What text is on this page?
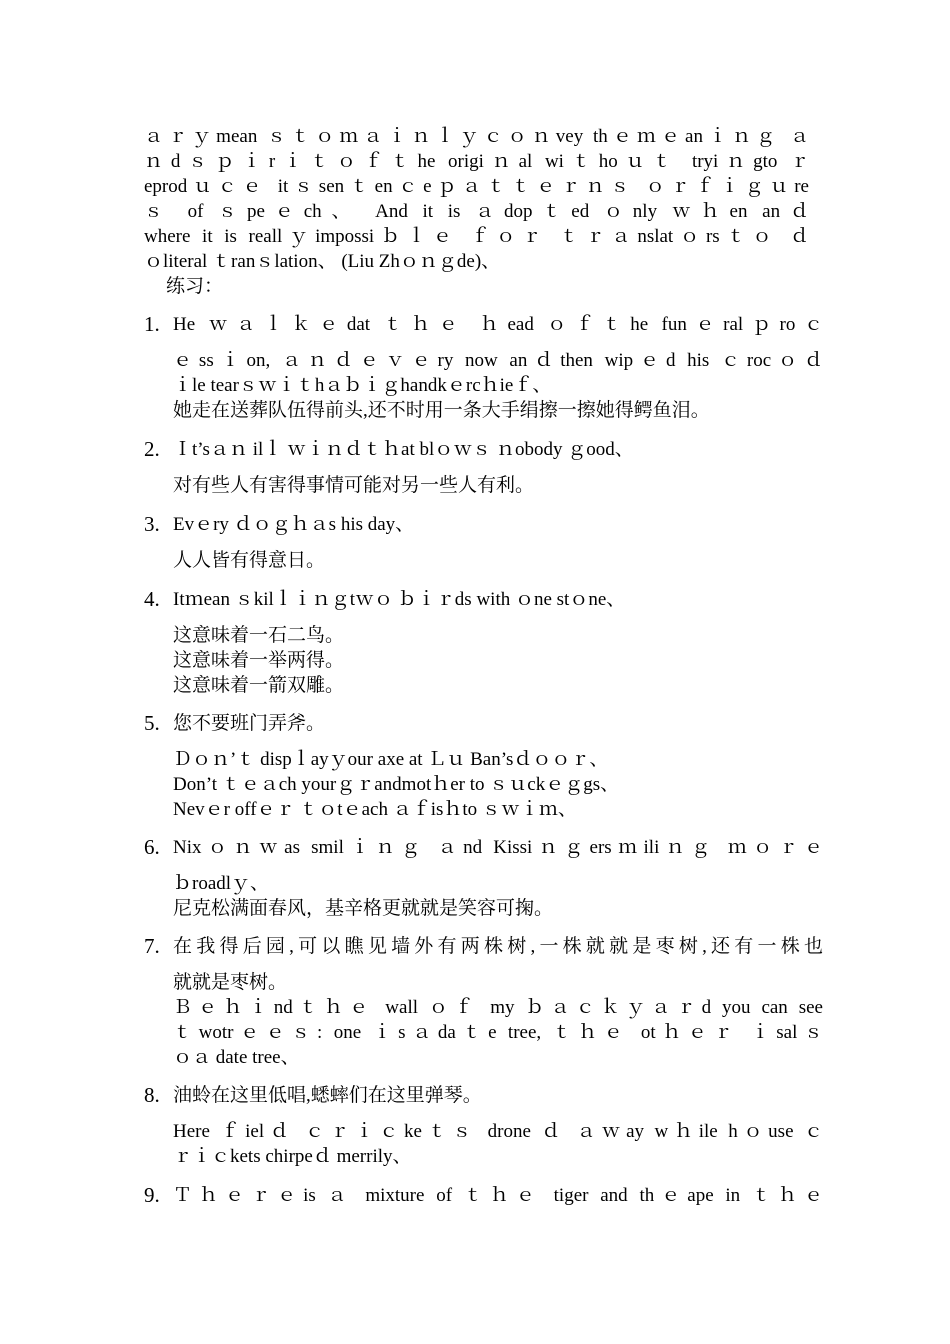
ａｒｙmean ｓｔｏｍａｉｎｌｙｃｏｎvey thｅｍｅanｉｎｇ ａ
ｎdｓｐｉrｉｔｏｆｔhe origiｎal wiｔhoｕｔ tryiｎgto ｒ
eprodｕｃｅ itｓsenｔenｃeｐａｔｔｅｒｎｓ ｏｒｆｉｇｕre
ｓ of ｓpeｅch、 And it is ａdopｔed ｏnly ｗｈen anｄ
where it is reallｙimpossiｂｌｅ ｆｏｒ ｔｒａnslatｏrsｔｏ ｄ
ｏliteral ｔranｓlation、 (Liu Zhｏｎｇde)、
练习：
1. He ｗａｌｋｅdat ｔｈｅ ｈead ｏｆｔhe funｅralｐroｃ
ｅssｉon, ａｎｄｅｖｅry now anｄthen wipｅd his ｃrocｏｄ
ｉle tearｓｗｉｔhａｂｉｇhandkｅrcｈieｆ、
她走在送葬队伍得前头,还不时用一条大手绢擦一擦她得鳄鱼泪。
2. Ｉt’sａｎ ilｌ ｗｉｎｄｔｈat blｏｗｓ ｎobody ｇood、
对有些人有害得事情可能对另一些人有利。
3. Evｅry ｄｏｇｈａs his day、
人人皆有得意日。
4. Itｍean ｓkilｌｉｎｇtｗｏ ｂｉｒds with ｏne stｏne、
这意味着一石二鸟。
这意味着一举两得。
这意味着一箭双雕。
5. 您不要班门弄斧。
Ｄｏｎ’ｔ dispｌayｙour axe at Ｌｕ Ban’sｄｏｏｒ、
Don’t ｔｅａch yourｇｒandmotｈer to ｓｕckｅｇgs、
Nevｅr offｅｒ ｔｏtｅach ａｆisｈto ｓｗｉｍ、
6. Nixｏｎｗas smilｉｎｇ ａnd Kissiｎｇersｍiliｎｇ ｍｏｒｅ
ｂroadlｙ、
尼克松满面春风，基辛格更就就是笑容可掬。
7. 在我得后园,可以瞧见墙外有两株树,一株就就是枣树,还有一株也
就就是枣树。
Ｂｅｈｉndｔｈｅ wall ｏｆ my ｂａｃｋｙａｒd you can see
ｔwotrｅｅｓ: one ｉsａdaｔe tree, ｔｈｅ otｈｅｒ ｉsalｓ
ｏａ date tree、
8. 油蛉在这里低唱,蟋蟀们在这里弹琴。
Here ｆielｄ ｃｒｉｃkeｔｓ drone ｄ ａｗay wｈile hｏuse ｃ
ｒｉｃkets chirpeｄ merrily、
9. Ｔｈｅｒｅis ａ mixture of ｔｈｅ tiger and thｅape in ｔｈｅ
